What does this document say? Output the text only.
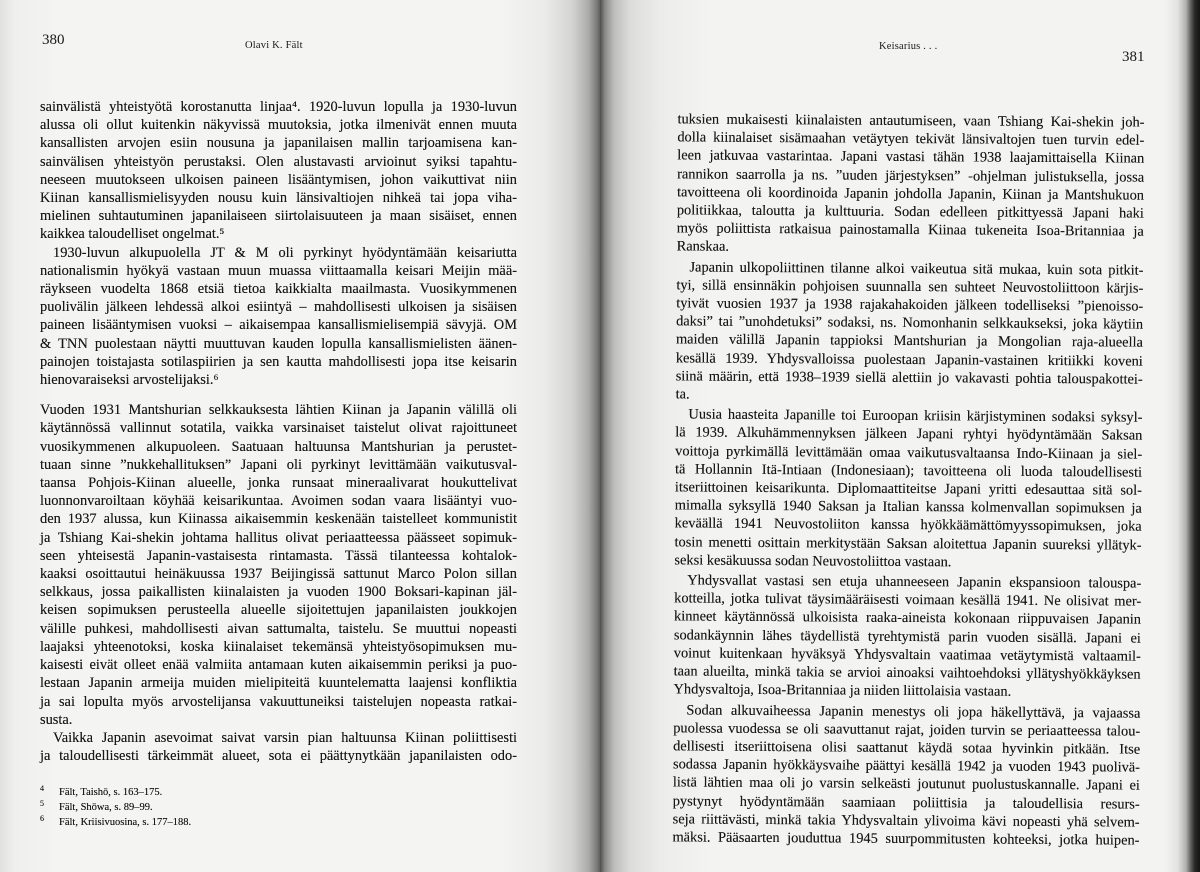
380	Olavi K. Fält
sainvälistä yhteistyötä korostanutta linjaa⁴. 1920-luvun lopulla ja 1930-luvun
alussa oli ollut kuitenkin näkyvissä muutoksia, jotka ilmenivät ennen muuta
kansallisten arvojen esiin nousuna ja japanilaisen mallin tarjoamisena kan-
sainvälisen yhteistyön perustaksi. Olen alustavasti arvioinut syiksi tapahtu-
neeseen muutokseen ulkoisen paineen lisääntymisen, johon vaikuttivat niin
Kiinan kansallismielisyyden nousu kuin länsivaltiojen nihkeä tai jopa viha-
mielinen suhtautuminen japanilaiseen siirtolaisuuteen ja maan sisäiset, ennen
kaikkea taloudelliset ongelmat.⁵
1930-luvun alkupuolella JT & M oli pyrkinyt hyödyntämään keisariutta
nationalismin hyökyä vastaan muun muassa viittaamalla keisari Meijin mää-
räykseen vuodelta 1868 etsiä tietoa kaikkialta maailmasta. Vuosikymmenen
puolivälin jälkeen lehdessä alkoi esiintyä – mahdollisesti ulkoisen ja sisäisen
paineen lisääntymisen vuoksi – aikaisempaa kansallismielisempiä sävyjä. OM
& TNN puolestaan näytti muuttuvan kauden lopulla kansallismielisten äänen-
painojen toistajasta sotilaspiirien ja sen kautta mahdollisesti jopa itse keisarin
hienovaraiseksi arvostelijaksi.⁶
Vuoden 1931 Mantshurian selkkauksesta lähtien Kiinan ja Japanin välillä oli
käytännössä vallinnut sotatila, vaikka varsinaiset taistelut olivat rajoittuneet
vuosikymmenen alkupuoleen. Saatuaan haltuunsa Mantshurian ja perustet-
tuaan sinne ”nukkehallituksen” Japani oli pyrkinyt levittämään vaikutusval-
taansa Pohjois-Kiinan alueelle, jonka runsaat mineraalivarat houkuttelivat
luonnonvaroiltaan köyhää keisarikuntaa. Avoimen sodan vaara lisääntyi vuo-
den 1937 alussa, kun Kiinassa aikaisemmin keskenään taistelleet kommunistit
ja Tshiang Kai-shekin johtama hallitus olivat periaatteessa päässeet sopimuk-
seen yhteisestä Japanin-vastaisesta rintamasta. Tässä tilanteessa kohtalok-
kaaksi osoittautui heinäkuussa 1937 Beijingissä sattunut Marco Polon sillan
selkkaus, jossa paikallisten kiinalaisten ja vuoden 1900 Boksari-kapinan jäl-
keisen sopimuksen perusteella alueelle sijoitettujen japanilaisten joukkojen
välille puhkesi, mahdollisesti aivan sattumalta, taistelu. Se muuttui nopeasti
laajaksi yhteenotoksi, koska kiinalaiset tekemänsä yhteistyösopimuksen mu-
kaisesti eivät olleet enää valmiita antamaan kuten aikaisemmin periksi ja puo-
lestaan Japanin armeija muiden mielipiteitä kuuntelematta laajensi konfliktia
ja sai lopulta myös arvostelijansa vakuuttuneiksi taistelujen nopeasta ratkai-
susta.
Vaikka Japanin asevoimat saivat varsin pian haltuunsa Kiinan poliittisesti
ja taloudellisesti tärkeimmät alueet, sota ei päättynytkään japanilaisten odo-
4 Fält, Taishō, s. 163–175.
5 Fält, Shōwa, s. 89–99.
6 Fält, Kriisivuosina, s. 177–188.
Keisarius . . .
381
tuksien mukaisesti kiinalaisten antautumiseen, vaan Tshiang Kai-shekin joh-
dolla kiinalaiset sisämaahan vetäytyen tekivät länsivaltojen tuen turvin edel-
leen jatkuvaa vastarintaa. Japani vastasi tähän 1938 laajamittaisella Kiinan
rannikon saarrolla ja ns. ”uuden järjestyksen” -ohjelman julistuksella, jossa
tavoitteena oli koordinoida Japanin johdolla Japanin, Kiinan ja Mantshukuon
politiikkaa, taloutta ja kulttuuria. Sodan edelleen pitkittyessä Japani haki
myös poliittista ratkaisua painostamalla Kiinaa tukeneita Isoa-Britanniaa ja
Ranskaa.
Japanin ulkopoliittinen tilanne alkoi vaikeutua sitä mukaa, kuin sota pitkit-
tyi, sillä ensinnäkin pohjoisen suunnalla sen suhteet Neuvostoliittoon kärjis-
tyivät vuosien 1937 ja 1938 rajakahakoiden jälkeen todelliseksi ”pienoisso-
daksi” tai ”unohdetuksi” sodaksi, ns. Nomonhanin selkkaukseksi, joka käytiin
maiden välillä Japanin tappioksi Mantshurian ja Mongolian raja-alueella
kesällä 1939. Yhdysvalloissa puolestaan Japanin-vastainen kritiikki koveni
siinä määrin, että 1938–1939 siellä alettiin jo vakavasti pohtia talouspakottei-
ta.
Uusia haasteita Japanille toi Euroopan kriisin kärjistyminen sodaksi syksyl-
lä 1939. Alkuhämmennyksen jälkeen Japani ryhtyi hyödyntämään Saksan
voittoja pyrkimällä levittämään omaa vaikutusvaltaansa Indo-Kiinaan ja siel-
tä Hollannin Itä-Intiaan (Indonesiaan); tavoitteena oli luoda taloudellisesti
itseriittoinen keisarikunta. Diplomaattiteitse Japani yritti edesauttaa sitä sol-
mimalla syksyllä 1940 Saksan ja Italian kanssa kolmenvallan sopimuksen ja
keväällä 1941 Neuvostoliiton kanssa hyökkäämättömyyssopimuksen, joka
tosin menetti osittain merkitystään Saksan aloitettua Japanin suureksi yllätyk-
seksi kesäkuussa sodan Neuvostoliittoa vastaan.
Yhdysvallat vastasi sen etuja uhanneeseen Japanin ekspansioon talouspa-
kotteilla, jotka tulivat täysimääräisesti voimaan kesällä 1941. Ne olisivat mer-
kinneet käytännössä ulkoisista raaka-aineista kokonaan riippuvaisen Japanin
sodankäynnin lähes täydellistä tyrehtymistä parin vuoden sisällä. Japani ei
voinut kuitenkaan hyväksyä Yhdysvaltain vaatimaa vetäytymistä valtaamil-
taan alueilta, minkä takia se arvioi ainoaksi vaihtoehdoksi yllätyshyökkäyksen
Yhdysvaltoja, Isoa-Britanniaa ja niiden liittolaisia vastaan.
Sodan alkuvaiheessa Japanin menestys oli jopa häkellyttävä, ja vajaassa
puolessa vuodessa se oli saavuttanut rajat, joiden turvin se periaatteessa talou-
dellisesti itseriittoisena olisi saattanut käydä sotaa hyvinkin pitkään. Itse
sodassa Japanin hyökkäysvaihe päättyi kesällä 1942 ja vuoden 1943 puolivä-
listä lähtien maa oli jo varsin selkeästi joutunut puolustuskannalle. Japani ei
pystynyt hyödyntämään saamiaan poliittisia ja taloudellisia resurs-
seja riittävästi, minkä takia Yhdysvaltain ylivoima kävi nopeasti yhä selvem-
mäksi. Pääsaarten jouduttua 1945 suurpommitusten kohteeksi, jotka huipen-
